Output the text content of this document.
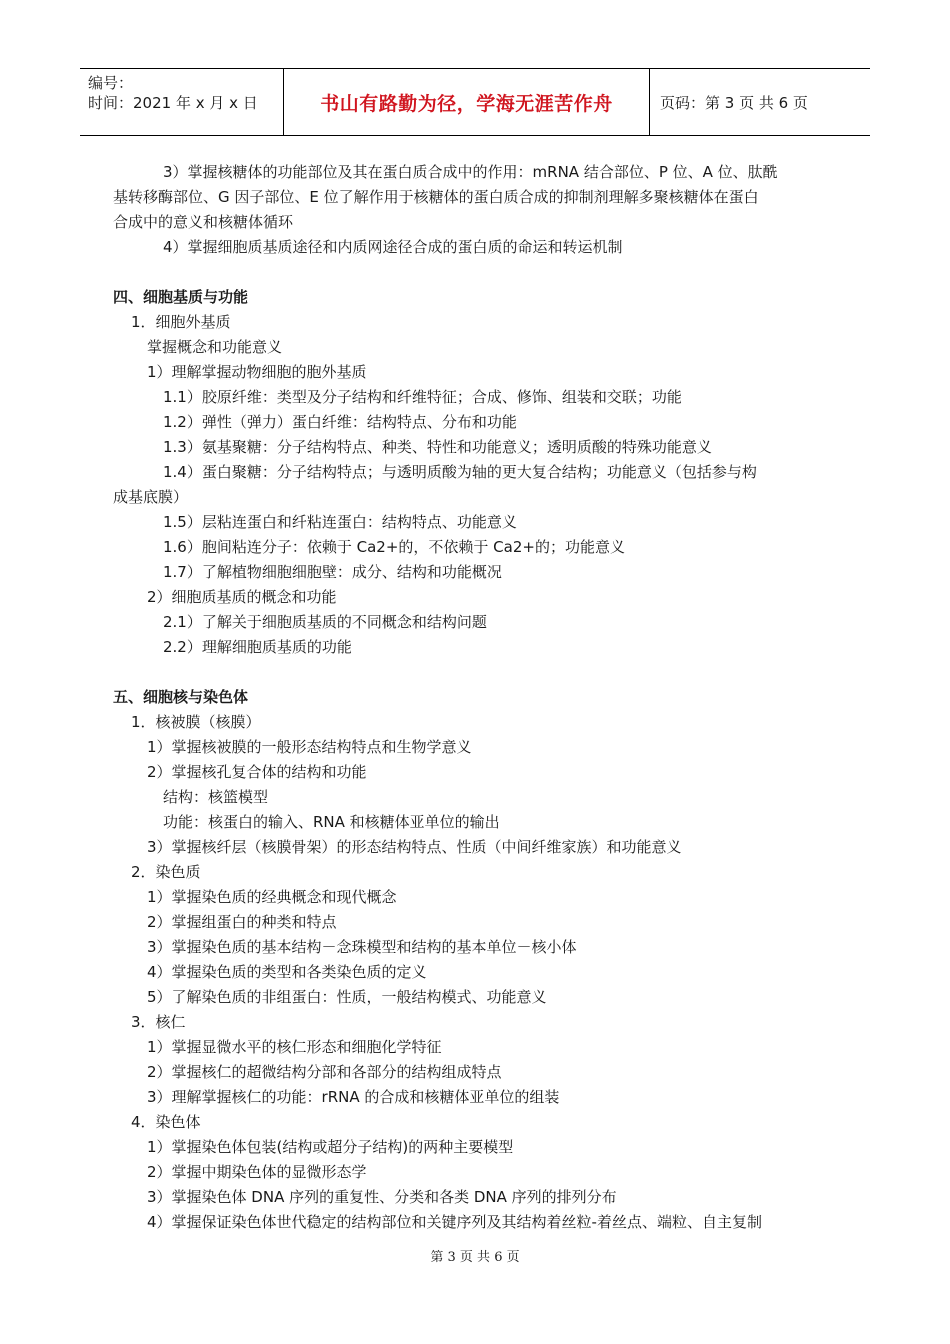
编号：
时间：2021 年 x 月 x 日	书山有路勤为径，学海无涯苦作舟	页码：第 3 页 共 6 页
3）掌握核糖体的功能部位及其在蛋白质合成中的作用：mRNA 结合部位、P 位、A 位、肽酰
基转移酶部位、G 因子部位、E 位了解作用于核糖体的蛋白质合成的抑制剂理解多聚核糖体在蛋白
合成中的意义和核糖体循环
4）掌握细胞质基质途径和内质网途径合成的蛋白质的命运和转运机制
四、细胞基质与功能
1．细胞外基质
掌握概念和功能意义
1）理解掌握动物细胞的胞外基质
1.1）胶原纤维：类型及分子结构和纤维特征；合成、修饰、组装和交联；功能
1.2）弹性（弹力）蛋白纤维：结构特点、分布和功能
1.3）氨基聚糖：分子结构特点、种类、特性和功能意义；透明质酸的特殊功能意义
1.4）蛋白聚糖：分子结构特点；与透明质酸为轴的更大复合结构；功能意义（包括参与构
成基底膜）
1.5）层粘连蛋白和纤粘连蛋白：结构特点、功能意义
1.6）胞间粘连分子：依赖于 Ca2+的，不依赖于 Ca2+的；功能意义
1.7）了解植物细胞细胞壁：成分、结构和功能概况
2）细胞质基质的概念和功能
2.1）了解关于细胞质基质的不同概念和结构问题
2.2）理解细胞质基质的功能
五、细胞核与染色体
1．核被膜（核膜）
1）掌握核被膜的一般形态结构特点和生物学意义
2）掌握核孔复合体的结构和功能
结构：核篮模型
功能：核蛋白的输入、RNA 和核糖体亚单位的输出
3）掌握核纤层（核膜骨架）的形态结构特点、性质（中间纤维家族）和功能意义
2．染色质
1）掌握染色质的经典概念和现代概念
2）掌握组蛋白的种类和特点
3）掌握染色质的基本结构－念珠模型和结构的基本单位－核小体
4）掌握染色质的类型和各类染色质的定义
5）了解染色质的非组蛋白：性质，一般结构模式、功能意义
3．核仁
1）掌握显微水平的核仁形态和细胞化学特征
2）掌握核仁的超微结构分部和各部分的结构组成特点
3）理解掌握核仁的功能：rRNA 的合成和核糖体亚单位的组装
4．染色体
1）掌握染色体包装(结构或超分子结构)的两种主要模型
2）掌握中期染色体的显微形态学
3）掌握染色体 DNA 序列的重复性、分类和各类 DNA 序列的排列分布
4）掌握保证染色体世代稳定的结构部位和关键序列及其结构着丝粒-着丝点、端粒、自主复制
第 3 页 共 6 页
